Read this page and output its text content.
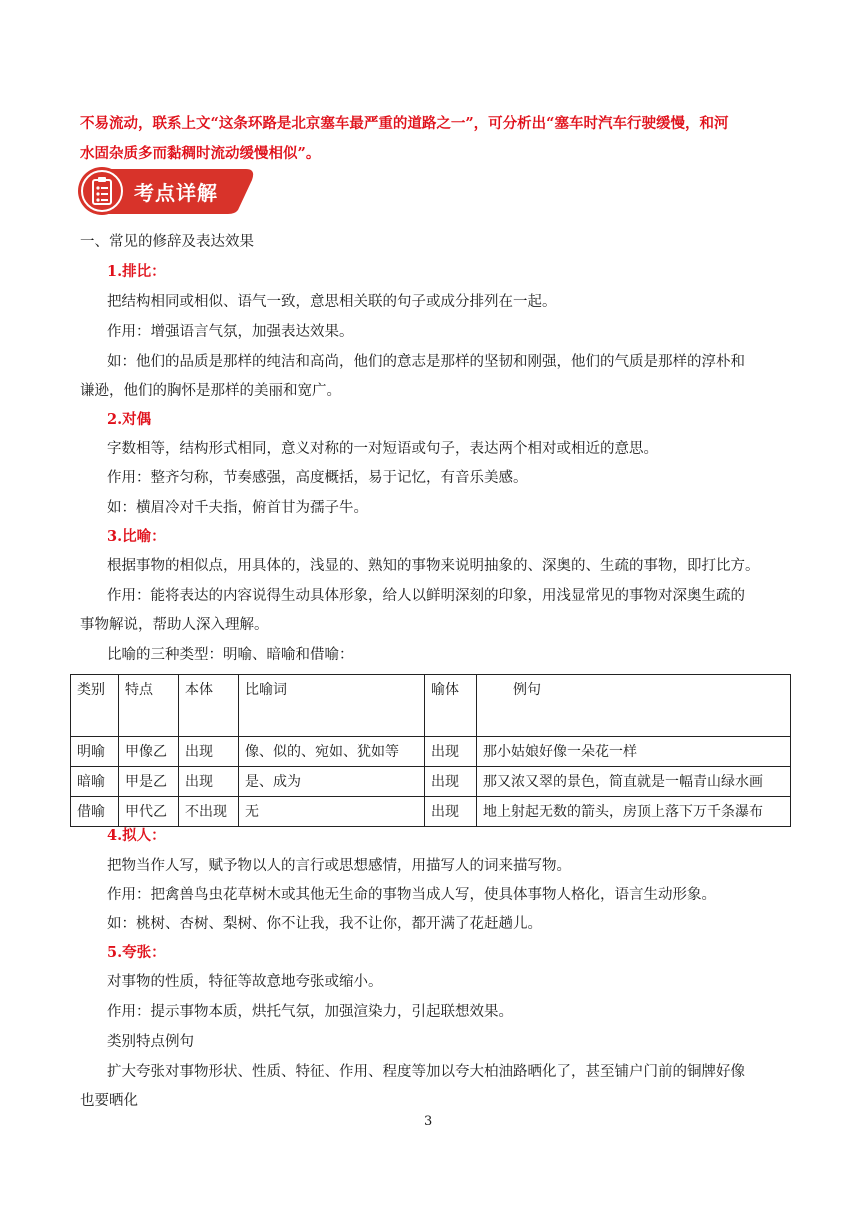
不易流动，联系上文“这条环路是北京塞车最严重的道路之一”，可分析出“塞车时汽车行驶缓慢，和河
水固杂质多而黏稠时流动缓慢相似”。
考点详解
一、常见的修辞及表达效果
1.排比：
把结构相同或相似、语气一致，意思相关联的句子或成分排列在一起。
作用：增强语言气氛，加强表达效果。
如：他们的品质是那样的纯洁和高尚，他们的意志是那样的坚韧和刚强，他们的气质是那样的淳朴和
谦逊，他们的胸怀是那样的美丽和宽广。
2.对偶
字数相等，结构形式相同，意义对称的一对短语或句子，表达两个相对或相近的意思。
作用：整齐匀称，节奏感强，高度概括，易于记忆，有音乐美感。
如：横眉冷对千夫指，俯首甘为孺子牛。
3.比喻：
根据事物的相似点，用具体的，浅显的、熟知的事物来说明抽象的、深奥的、生疏的事物，即打比方。
作用：能将表达的内容说得生动具体形象，给人以鲜明深刻的印象，用浅显常见的事物对深奥生疏的
事物解说，帮助人深入理解。
比喻的三种类型：明喻、暗喻和借喻：
类别	特点	本体	比喻词	喻体	例句
明喻	甲像乙	出现	像、似的、宛如、犹如等	出现	那小姑娘好像一朵花一样
暗喻	甲是乙	出现	是、成为	出现	那又浓又翠的景色，简直就是一幅青山绿水画
借喻	甲代乙	不出现	无	出现	地上射起无数的箭头，房顶上落下万千条瀑布
4.拟人：
把物当作人写，赋予物以人的言行或思想感情，用描写人的词来描写物。
作用：把禽兽鸟虫花草树木或其他无生命的事物当成人写，使具体事物人格化，语言生动形象。
如：桃树、杏树、梨树、你不让我，我不让你，都开满了花赶趟儿。
5.夸张：
对事物的性质，特征等故意地夸张或缩小。
作用：提示事物本质，烘托气氛，加强渲染力，引起联想效果。
类别特点例句
扩大夸张对事物形状、性质、特征、作用、程度等加以夸大柏油路晒化了，甚至铺户门前的铜牌好像
也要晒化
3
